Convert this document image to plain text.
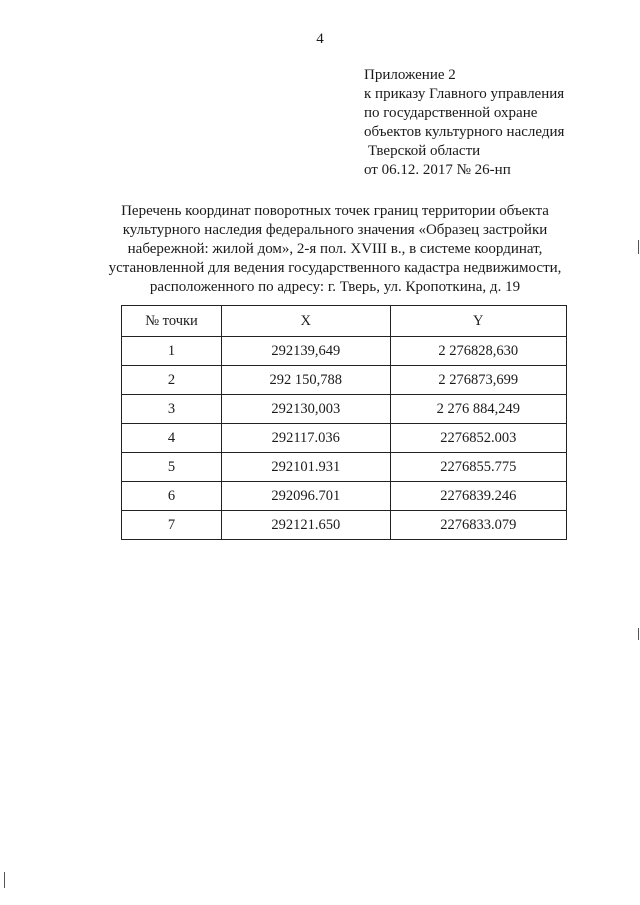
4
Приложение 2
к приказу Главного управления
по государственной охране
объектов культурного наследия
Тверской области
от 06.12. 2017 № 26-нп
Перечень координат поворотных точек границ территории объекта
культурного наследия федерального значения «Образец застройки
набережной: жилой дом», 2-я пол. XVIII в., в системе координат,
установленной для ведения государственного кадастра недвижимости,
расположенного по адресу: г. Тверь, ул. Кропоткина, д. 19
№ точки	X	Y
1	292139,649	2 276828,630
2	292 150,788	2 276873,699
3	292130,003	2 276 884,249
4	292117.036	2276852.003
5	292101.931	2276855.775
6	292096.701	2276839.246
7	292121.650	2276833.079
